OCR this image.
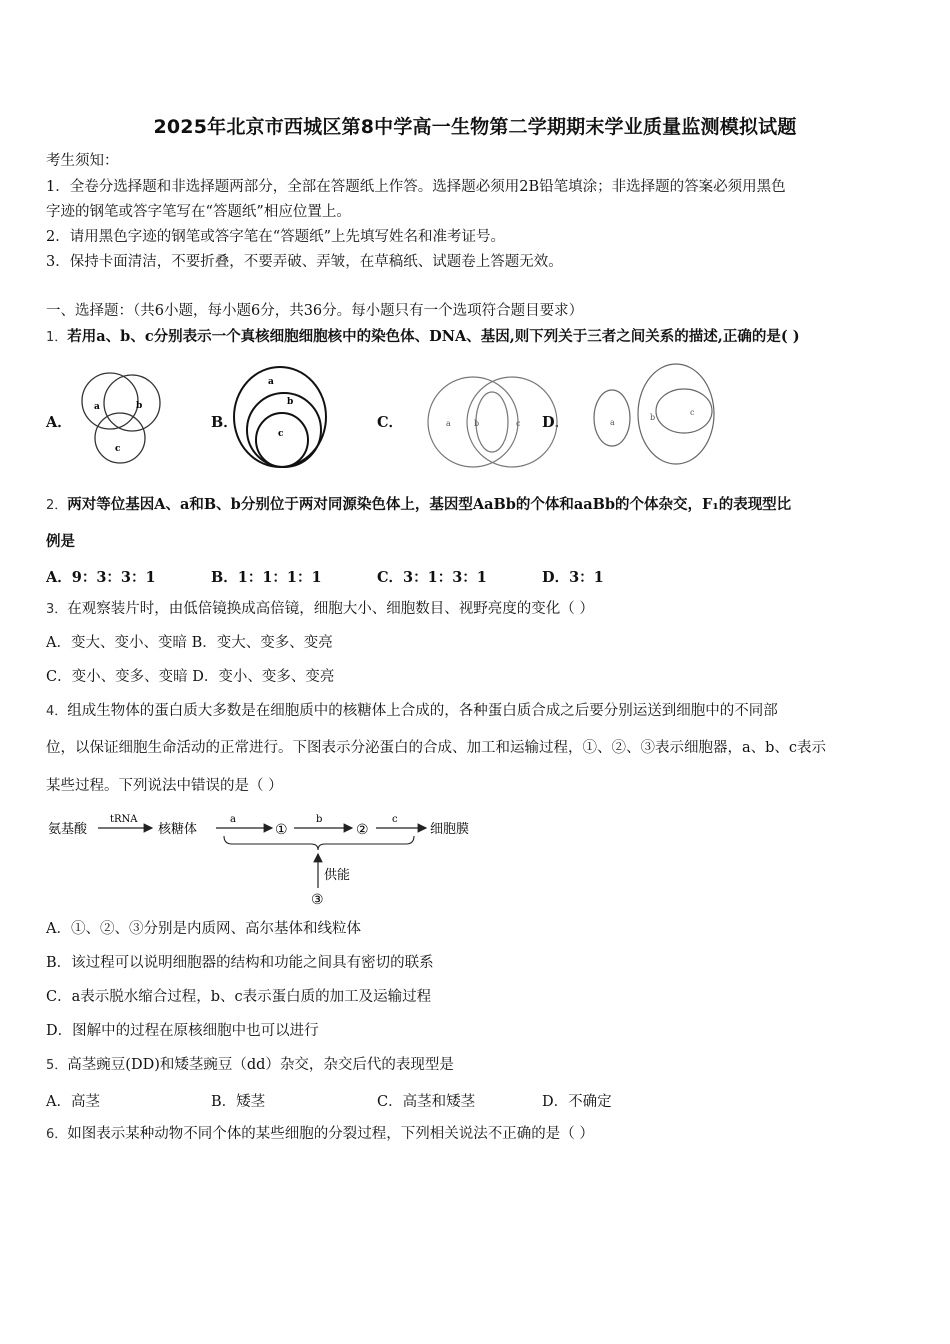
2025年北京市西城区第8中学高一生物第二学期期末学业质量监测模拟试题
考生须知：
1．全卷分选择题和非选择题两部分，全部在答题纸上作答。选择题必须用2B铅笔填涂；非选择题的答案必须用黑色
字迹的钢笔或答字笔写在“答题纸”相应位置上。
2．请用黑色字迹的钢笔或答字笔在“答题纸”上先填写姓名和准考证号。
3．保持卡面清洁，不要折叠，不要弄破、弄皱，在草稿纸、试题卷上答题无效。
一、选择题：（共6小题，每小题6分，共36分。每小题只有一个选项符合题目要求）
1．若用a、b、c分别表示一个真核细胞细胞核中的染色体、DNA、基因,则下列关于三者之间关系的描述,正确的是( )
A．	B．	C．	D．
a	b
c
a
b
c
a	b	c	a
b
c
2．两对等位基因A、a和B、b分别位于两对同源染色体上，基因型AaBb的个体和aaBb的个体杂交，F₁的表现型比
例是
A．9：3：3：1	B．1：1：1：1	C．3：1：3：1	D．3：1
3．在观察装片时，由低倍镜换成高倍镜，细胞大小、细胞数目、视野亮度的变化（ ）
A．变大、变小、变暗 B．变大、变多、变亮
C．变小、变多、变暗 D．变小、变多、变亮
4．组成生物体的蛋白质大多数是在细胞质中的核糖体上合成的，各种蛋白质合成之后要分别运送到细胞中的不同部
位，以保证细胞生命活动的正常进行。下图表示分泌蛋白的合成、加工和运输过程，①、②、③表示细胞器，a、b、c表示
某些过程。下列说法中错误的是（ ）
氨基酸
tRNA
核糖体
a
①
b
②
c
细胞膜
供能
③
A．①、②、③分别是内质网、高尔基体和线粒体
B．该过程可以说明细胞器的结构和功能之间具有密切的联系
C．a表示脱水缩合过程，b、c表示蛋白质的加工及运输过程
D．图解中的过程在原核细胞中也可以进行
5．高茎豌豆(DD)和矮茎豌豆（dd）杂交，杂交后代的表现型是
A．高茎	B．矮茎	C．高茎和矮茎	D．不确定
6．如图表示某种动物不同个体的某些细胞的分裂过程，下列相关说法不正确的是（ ）
